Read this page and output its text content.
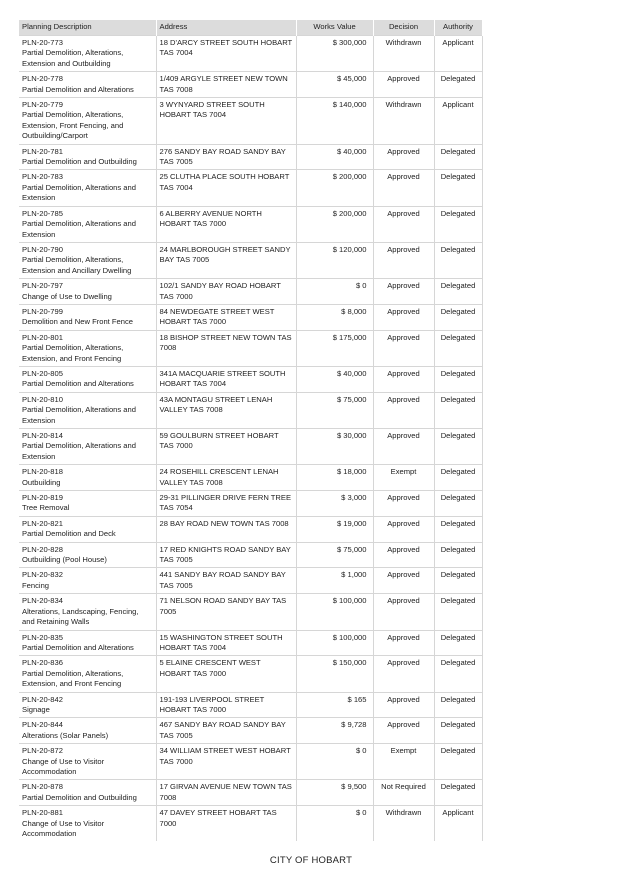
Planning Description	Address	Works Value	Decision	Authority

PLN-20-773
Partial Demolition, Alterations, Extension and Outbuilding	18 D'ARCY STREET SOUTH HOBART TAS 7004	$ 300,000	Withdrawn	Applicant

PLN-20-778
Partial Demolition and Alterations	1/409 ARGYLE STREET NEW TOWN TAS 7008	$ 45,000	Approved	Delegated

PLN-20-779
Partial Demolition, Alterations, Extension, Front Fencing, and Outbuilding/Carport	3 WYNYARD STREET SOUTH HOBART TAS 7004	$ 140,000	Withdrawn	Applicant

PLN-20-781
Partial Demolition and Outbuilding	276 SANDY BAY ROAD SANDY BAY TAS 7005	$ 40,000	Approved	Delegated

PLN-20-783
Partial Demolition, Alterations and Extension	25 CLUTHA PLACE SOUTH HOBART TAS 7004	$ 200,000	Approved	Delegated

PLN-20-785
Partial Demolition, Alterations and Extension	6 ALBERRY AVENUE NORTH HOBART TAS 7000	$ 200,000	Approved	Delegated

PLN-20-790
Partial Demolition, Alterations, Extension and Ancillary Dwelling	24 MARLBOROUGH STREET SANDY BAY TAS 7005	$ 120,000	Approved	Delegated

PLN-20-797
Change of Use to Dwelling	102/1 SANDY BAY ROAD HOBART TAS 7000	$ 0	Approved	Delegated

PLN-20-799
Demolition and New Front Fence	84 NEWDEGATE STREET WEST HOBART TAS 7000	$ 8,000	Approved	Delegated

PLN-20-801
Partial Demolition, Alterations, Extension, and Front Fencing	18 BISHOP STREET NEW TOWN TAS 7008	$ 175,000	Approved	Delegated

PLN-20-805
Partial Demolition and Alterations	341A MACQUARIE STREET SOUTH HOBART TAS 7004	$ 40,000	Approved	Delegated

PLN-20-810
Partial Demolition, Alterations and Extension	43A MONTAGU STREET LENAH VALLEY TAS 7008	$ 75,000	Approved	Delegated

PLN-20-814
Partial Demolition, Alterations and Extension	59 GOULBURN STREET HOBART TAS 7000	$ 30,000	Approved	Delegated

PLN-20-818
Outbuilding	24 ROSEHILL CRESCENT LENAH VALLEY TAS 7008	$ 18,000	Exempt	Delegated

PLN-20-819
Tree Removal	29-31 PILLINGER DRIVE FERN TREE TAS 7054	$ 3,000	Approved	Delegated

PLN-20-821
Partial Demolition and Deck	28 BAY ROAD NEW TOWN TAS 7008	$ 19,000	Approved	Delegated

PLN-20-828
Outbuilding (Pool House)	17 RED KNIGHTS ROAD SANDY BAY TAS 7005	$ 75,000	Approved	Delegated

PLN-20-832
Fencing	441 SANDY BAY ROAD SANDY BAY TAS 7005	$ 1,000	Approved	Delegated

PLN-20-834
Alterations, Landscaping, Fencing, and Retaining Walls	71 NELSON ROAD SANDY BAY TAS 7005	$ 100,000	Approved	Delegated

PLN-20-835
Partial Demolition and Alterations	15 WASHINGTON STREET SOUTH HOBART TAS 7004	$ 100,000	Approved	Delegated

PLN-20-836
Partial Demolition, Alterations, Extension, and Front Fencing	5 ELAINE CRESCENT WEST HOBART TAS 7000	$ 150,000	Approved	Delegated

PLN-20-842
Signage	191-193 LIVERPOOL STREET HOBART TAS 7000	$ 165	Approved	Delegated

PLN-20-844
Alterations (Solar Panels)	467 SANDY BAY ROAD SANDY BAY TAS 7005	$ 9,728	Approved	Delegated

PLN-20-872
Change of Use to Visitor Accommodation	34 WILLIAM STREET WEST HOBART TAS 7000	$ 0	Exempt	Delegated

PLN-20-878
Partial Demolition and Outbuilding	17 GIRVAN AVENUE NEW TOWN TAS 7008	$ 9,500	Not Required	Delegated

PLN-20-881
Change of Use to Visitor Accommodation	47 DAVEY STREET HOBART TAS 7000	$ 0	Withdrawn	Applicant
CITY OF HOBART
